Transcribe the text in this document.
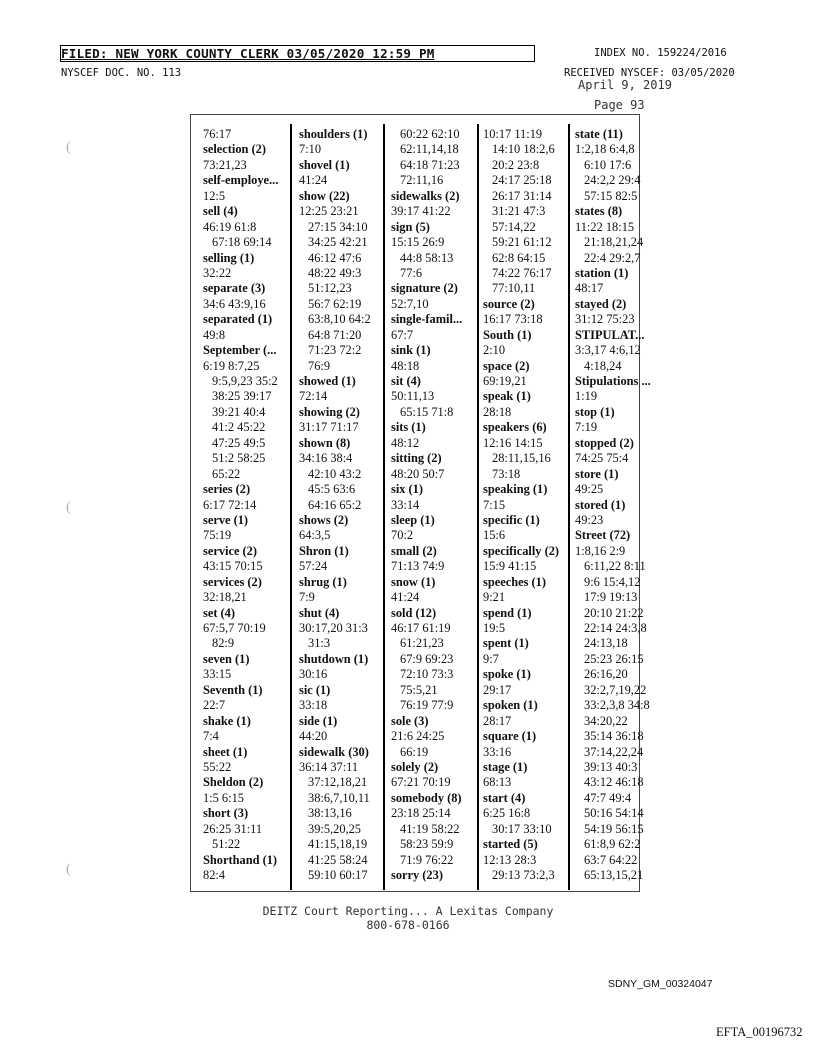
FILED: NEW YORK COUNTY CLERK 03/05/2020 12:59 PM	INDEX NO. 159224/2016
NYSCEF DOC. NO. 113	RECEIVED NYSCEF: 03/05/2020
April 9, 2019
Page 93
(
(
(
76:17
selection (2)
73:21,23
self-employe...
12:5
sell (4)
46:19 61:8
67:18 69:14
selling (1)
32:22
separate (3)
34:6 43:9,16
separated (1)
49:8
September (...
6:19 8:7,25
9:5,9,23 35:2
38:25 39:17
39:21 40:4
41:2 45:22
47:25 49:5
51:2 58:25
65:22
series (2)
6:17 72:14
serve (1)
75:19
service (2)
43:15 70:15
services (2)
32:18,21
set (4)
67:5,7 70:19
82:9
seven (1)
33:15
Seventh (1)
22:7
shake (1)
7:4
sheet (1)
55:22
Sheldon (2)
1:5 6:15
short (3)
26:25 31:11
51:22
Shorthand (1)
82:4
shoulders (1)
7:10
shovel (1)
41:24
show (22)
12:25 23:21
27:15 34:10
34:25 42:21
46:12 47:6
48:22 49:3
51:12,23
56:7 62:19
63:8,10 64:2
64:8 71:20
71:23 72:2
76:9
showed (1)
72:14
showing (2)
31:17 71:17
shown (8)
34:16 38:4
42:10 43:2
45:5 63:6
64:16 65:2
shows (2)
64:3,5
Shron (1)
57:24
shrug (1)
7:9
shut (4)
30:17,20 31:3
31:3
shutdown (1)
30:16
sic (1)
33:18
side (1)
44:20
sidewalk (30)
36:14 37:11
37:12,18,21
38:6,7,10,11
38:13,16
39:5,20,25
41:15,18,19
41:25 58:24
59:10 60:17
60:22 62:10
62:11,14,18
64:18 71:23
72:11,16
sidewalks (2)
39:17 41:22
sign (5)
15:15 26:9
44:8 58:13
77:6
signature (2)
52:7,10
single-famil...
67:7
sink (1)
48:18
sit (4)
50:11,13
65:15 71:8
sits (1)
48:12
sitting (2)
48:20 50:7
six (1)
33:14
sleep (1)
70:2
small (2)
71:13 74:9
snow (1)
41:24
sold (12)
46:17 61:19
61:21,23
67:9 69:23
72:10 73:3
75:5,21
76:19 77:9
sole (3)
21:6 24:25
66:19
solely (2)
67:21 70:19
somebody (8)
23:18 25:14
41:19 58:22
58:23 59:9
71:9 76:22
sorry (23)
10:17 11:19
14:10 18:2,6
20:2 23:8
24:17 25:18
26:17 31:14
31:21 47:3
57:14,22
59:21 61:12
62:8 64:15
74:22 76:17
77:10,11
source (2)
16:17 73:18
South (1)
2:10
space (2)
69:19,21
speak (1)
28:18
speakers (6)
12:16 14:15
28:11,15,16
73:18
speaking (1)
7:15
specific (1)
15:6
specifically (2)
15:9 41:15
speeches (1)
9:21
spend (1)
19:5
spent (1)
9:7
spoke (1)
29:17
spoken (1)
28:17
square (1)
33:16
stage (1)
68:13
start (4)
6:25 16:8
30:17 33:10
started (5)
12:13 28:3
29:13 73:2,3
state (11)
1:2,18 6:4,8
6:10 17:6
24:2,2 29:4
57:15 82:5
states (8)
11:22 18:15
21:18,21,24
22:4 29:2,7
station (1)
48:17
stayed (2)
31:12 75:23
STIPULAT...
3:3,17 4:6,12
4:18,24
Stipulations ...
1:19
stop (1)
7:19
stopped (2)
74:25 75:4
store (1)
49:25
stored (1)
49:23
Street (72)
1:8,16 2:9
6:11,22 8:11
9:6 15:4,12
17:9 19:13
20:10 21:22
22:14 24:3,8
24:13,18
25:23 26:15
26:16,20
32:2,7,19,22
33:2,3,8 34:8
34:20,22
35:14 36:18
37:14,22,24
39:13 40:3
43:12 46:18
47:7 49:4
50:16 54:14
54:19 56:15
61:8,9 62:2
63:7 64:22
65:13,15,21
DEITZ Court Reporting... A Lexitas Company
800-678-0166
SDNY_GM_00324047
EFTA_00196732
